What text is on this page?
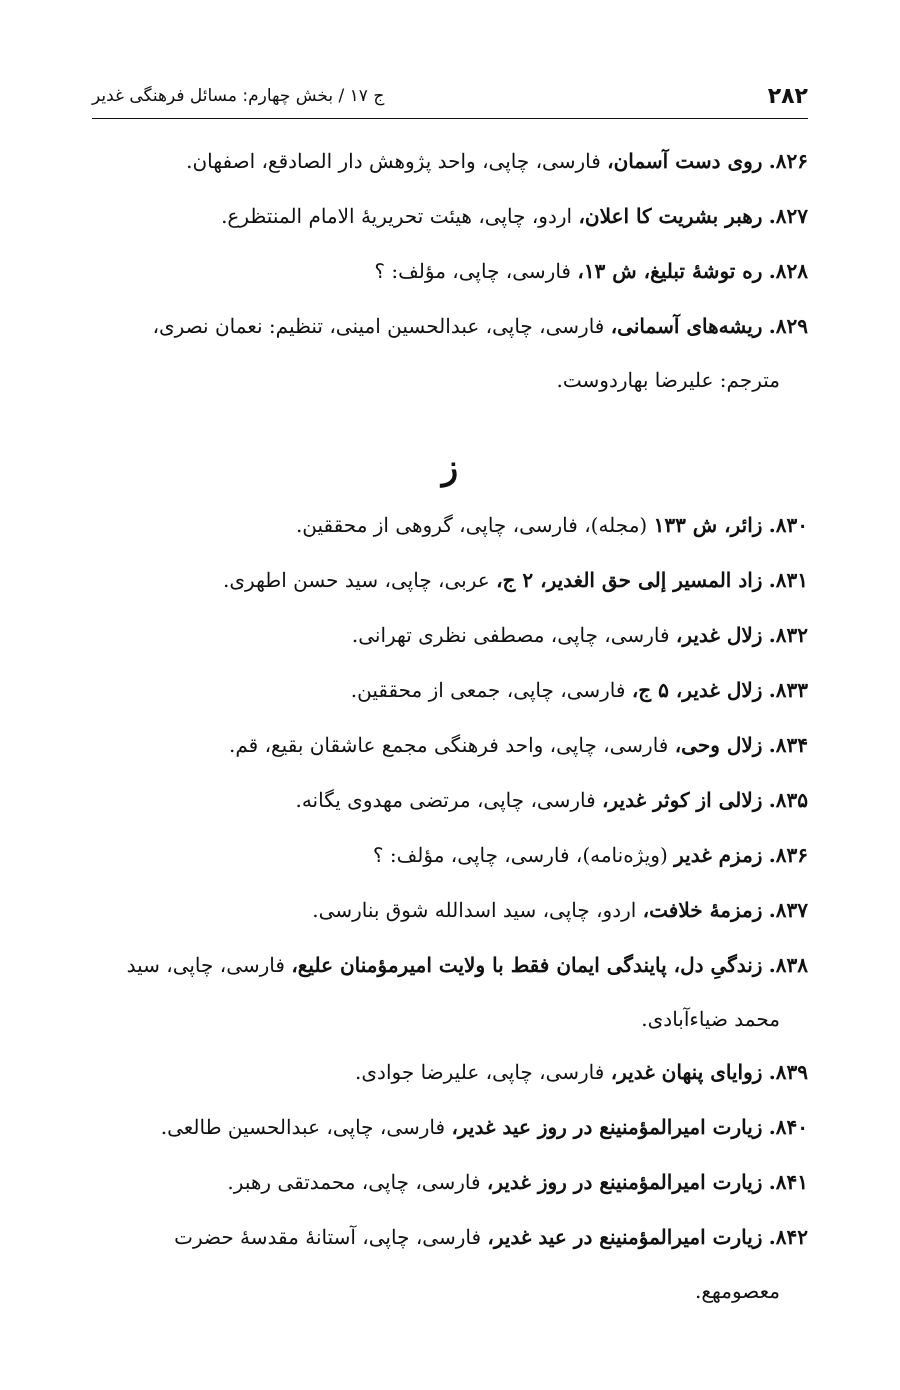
۲۸۲
ج ۱۷ / بخش چهارم: مسائل فرهنگی غدیر

۸۲۶. روی دست آسمان، فارسی، چاپی، واحد پژوهش دار الصادقع، اصفهان.

۸۲۷. رهبر بشریت کا اعلان، اردو، چاپی، هیئت تحریریهٔ الامام المنتظرع.

۸۲۸. ره توشهٔ تبلیغ، ش ۱۳، فارسی، چاپی، مؤلف: ؟

۸۲۹. ریشه‌های آسمانی، فارسی، چاپی، عبدالحسین امینی، تنظیم: نعمان نصری،
مترجم: علیرضا بهاردوست.

ز

۸۳۰. زائر، ش ۱۳۳ (مجله)، فارسی، چاپی، گروهی از محققین.

۸۳۱. زاد المسیر إلی حق الغدیر، ۲ ج، عربی، چاپی، سید حسن اطهری.

۸۳۲. زلال غدیر، فارسی، چاپی، مصطفی نظری تهرانی.

۸۳۳. زلال غدیر، ۵ ج، فارسی، چاپی، جمعی از محققین.

۸۳۴. زلال وحی، فارسی، چاپی، واحد فرهنگی مجمع عاشقان بقیع، قم.

۸۳۵. زلالی از کوثر غدیر، فارسی، چاپی، مرتضی مهدوی یگانه.

۸۳۶. زمزم غدیر (ویژه‌نامه)، فارسی، چاپی، مؤلف: ؟

۸۳۷. زمزمهٔ خلافت، اردو، چاپی، سید اسدالله شوق بنارسی.

۸۳۸. زندگیِ دل، پایندگی ایمان فقط با ولایت امیرمؤمنان علیع، فارسی، چاپی، سید
محمد ضیاءآبادی.

۸۳۹. زوایای پنهان غدیر، فارسی، چاپی، علیرضا جوادی.

۸۴۰. زیارت امیرالمؤمنینع در روز عید غدیر، فارسی، چاپی، عبدالحسین طالعی.

۸۴۱. زیارت امیرالمؤمنینع در روز غدیر، فارسی، چاپی، محمدتقی رهبر.

۸۴۲. زیارت امیرالمؤمنینع در عید غدیر، فارسی، چاپی، آستانهٔ مقدسهٔ حضرت
معصومهع.
